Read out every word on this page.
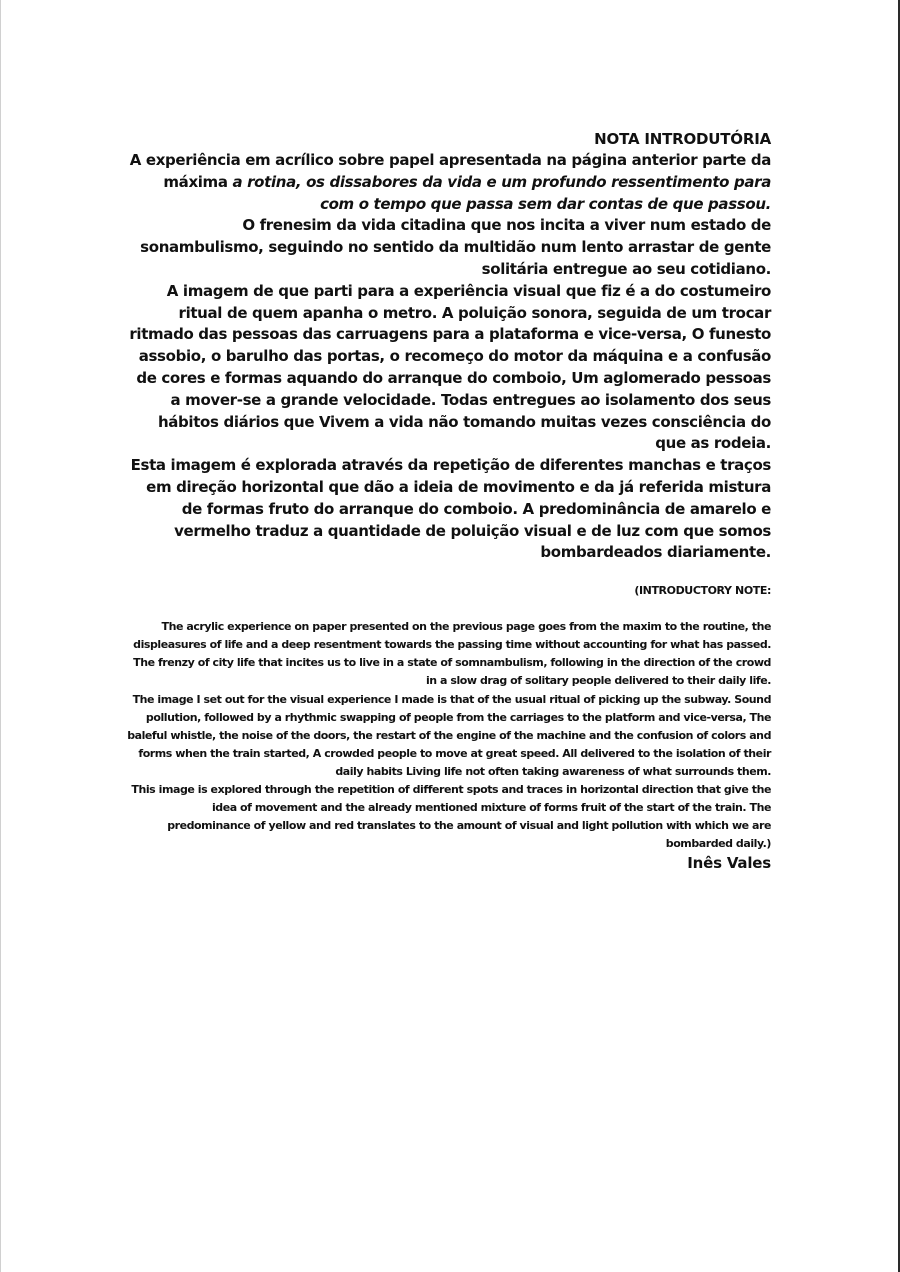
NOTA INTRODUTÓRIA

A experiência em acrílico sobre papel apresentada na página anterior parte da máxima a rotina, os dissabores da vida e um profundo ressentimento para com o tempo que passa sem dar contas de que passou.

O frenesim da vida citadina que nos incita a viver num estado de sonambulismo, seguindo no sentido da multidão num lento arrastar de gente solitária entregue ao seu cotidiano.

A imagem de que parti para a experiência visual que fiz é a do costumeiro ritual de quem apanha o metro. A poluição sonora, seguida de um trocar ritmado das pessoas das carruagens para a plataforma e vice-versa, O funesto assobio, o barulho das portas, o recomeço do motor da máquina e a confusão de cores e formas aquando do arranque do comboio, Um aglomerado pessoas a mover-se a grande velocidade. Todas entregues ao isolamento dos seus hábitos diários que Vivem a vida não tomando muitas vezes consciência do que as rodeia.

Esta imagem é explorada através da repetição de diferentes manchas e traços em direção horizontal que dão a ideia de movimento e da já referida mistura de formas fruto do arranque do comboio. A predominância de amarelo e vermelho traduz a quantidade de poluição visual e de luz com que somos bombardeados diariamente.

(INTRODUCTORY NOTE:

The acrylic experience on paper presented on the previous page goes from the maxim to the routine, the displeasures of life and a deep resentment towards the passing time without accounting for what has passed.

The frenzy of city life that incites us to live in a state of somnambulism, following in the direction of the crowd in a slow drag of solitary people delivered to their daily life.

The image I set out for the visual experience I made is that of the usual ritual of picking up the subway. Sound pollution, followed by a rhythmic swapping of people from the carriages to the platform and vice-versa, The baleful whistle, the noise of the doors, the restart of the engine of the machine and the confusion of colors and forms when the train started, A crowded people to move at great speed. All delivered to the isolation of their daily habits Living life not often taking awareness of what surrounds them.

This image is explored through the repetition of different spots and traces in horizontal direction that give the idea of movement and the already mentioned mixture of forms fruit of the start of the train. The predominance of yellow and red translates to the amount of visual and light pollution with which we are bombarded daily.)

Inês Vales
